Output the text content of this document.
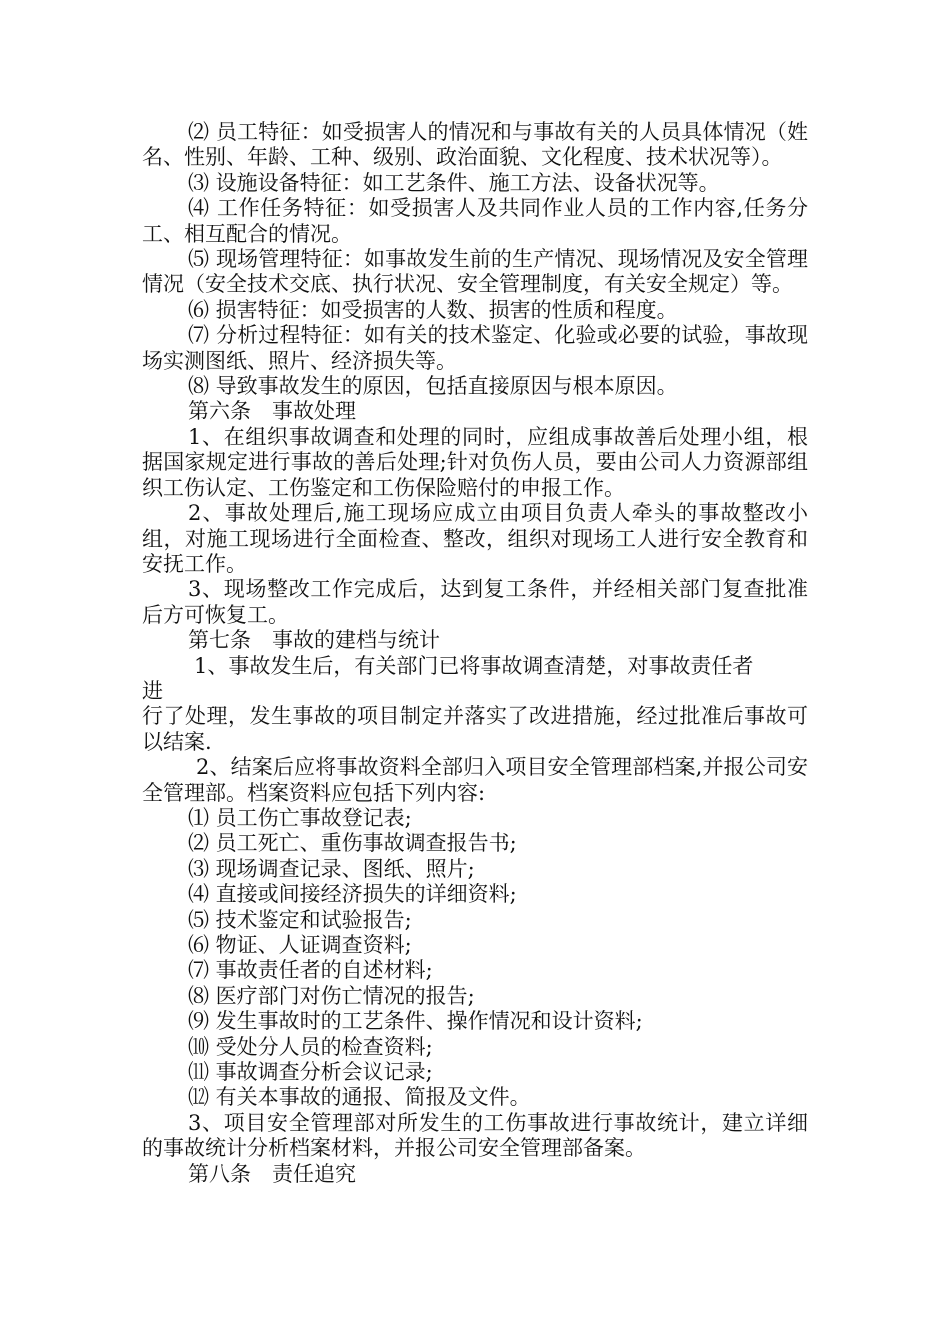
⑵ 员工特征：如受损害人的情况和与事故有关的人员具体情况（姓名、性别、年龄、工种、级别、政治面貌、文化程度、技术状况等）。

⑶ 设施设备特征：如工艺条件、施工方法、设备状况等。

⑷ 工作任务特征：如受损害人及共同作业人员的工作内容,任务分工、相互配合的情况。

⑸ 现场管理特征：如事故发生前的生产情况、现场情况及安全管理情况（安全技术交底、执行状况、安全管理制度，有关安全规定）等。

⑹ 损害特征：如受损害的人数、损害的性质和程度。

⑺ 分析过程特征：如有关的技术鉴定、化验或必要的试验，事故现场实测图纸、照片、经济损失等。

⑻ 导致事故发生的原因，包括直接原因与根本原因。

第六条　事故处理

1、在组织事故调查和处理的同时，应组成事故善后处理小组，根据国家规定进行事故的善后处理;针对负伤人员，要由公司人力资源部组织工伤认定、工伤鉴定和工伤保险赔付的申报工作。

2、事故处理后,施工现场应成立由项目负责人牵头的事故整改小组，对施工现场进行全面检查、整改，组织对现场工人进行安全教育和安抚工作。

3、现场整改工作完成后，达到复工条件，并经相关部门复查批准后方可恢复工。

第七条　事故的建档与统计

1、事故发生后，有关部门已将事故调查清楚，对事故责任者

进

行了处理，发生事故的项目制定并落实了改进措施，经过批准后事故可以结案.

2、结案后应将事故资料全部归入项目安全管理部档案,并报公司安全管理部。档案资料应包括下列内容:

⑴ 员工伤亡事故登记表;

⑵ 员工死亡、重伤事故调查报告书;

⑶ 现场调查记录、图纸、照片;

⑷ 直接或间接经济损失的详细资料;

⑸ 技术鉴定和试验报告;

⑹ 物证、人证调查资料;

⑺ 事故责任者的自述材料;

⑻ 医疗部门对伤亡情况的报告;

⑼ 发生事故时的工艺条件、操作情况和设计资料;

⑽ 受处分人员的检查资料;

⑾ 事故调查分析会议记录;

⑿ 有关本事故的通报、简报及文件。

3、项目安全管理部对所发生的工伤事故进行事故统计，建立详细的事故统计分析档案材料，并报公司安全管理部备案。

第八条　责任追究
